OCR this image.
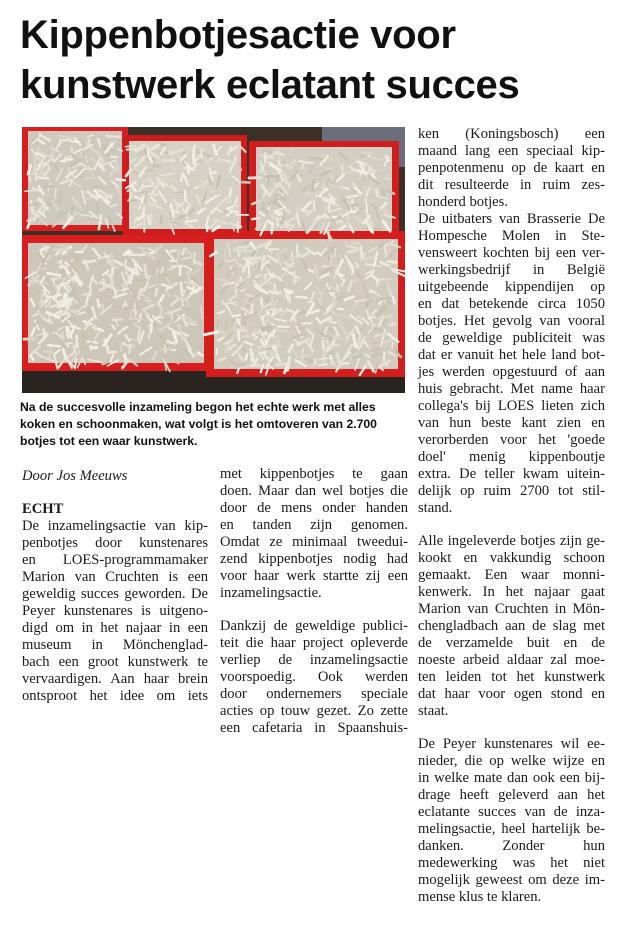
Kippenbotjesactie voor
kunstwerk eclatant succes

Na de succesvolle inzameling begon het echte werk met alles
koken en schoonmaken, wat volgt is het omtoveren van 2.700
botjes tot een waar kunstwerk.

Door Jos Meeuws
ECHT
De inzamelingsactie van kip-
penbotjes door kunstenares
en LOES-programmamaker
Marion van Cruchten is een
geweldig succes geworden. De
Peyer kunstenares is uitgeno-
digd om in het najaar in een
museum in Mönchenglad-
bach een groot kunstwerk te
vervaardigen. Aan haar brein
ontsproot het idee om iets
met kippenbotjes te gaan
doen. Maar dan wel botjes die
door de mens onder handen
en tanden zijn genomen.
Omdat ze minimaal tweedui-
zend kippenbotjes nodig had
voor haar werk startte zij een
inzamelingsactie.
Dankzij de geweldige publici-
teit die haar project opleverde
verliep de inzamelingsactie
voorspoedig. Ook werden
door ondernemers speciale
acties op touw gezet. Zo zette
een cafetaria in Spaanshuis-
ken (Koningsbosch) een
maand lang een speciaal kip-
penpotenmenu op de kaart en
dit resulteerde in ruim zes-
honderd botjes.
De uitbaters van Brasserie De
Hompesche Molen in Ste-
vensweert kochten bij een ver-
werkingsbedrijf in België
uitgebeende kippendijen op
en dat betekende circa 1050
botjes. Het gevolg van vooral
de geweldige publiciteit was
dat er vanuit het hele land bot-
jes werden opgestuurd of aan
huis gebracht. Met name haar
collega's bij LOES lieten zich
van hun beste kant zien en
verorberden voor het 'goede
doel' menig kippenboutje
extra. De teller kwam uitein-
delijk op ruim 2700 tot stil-
stand.
Alle ingeleverde botjes zijn ge-
kookt en vakkundig schoon
gemaakt. Een waar monni-
kenwerk. In het najaar gaat
Marion van Cruchten in Mön-
chengladbach aan de slag met
de verzamelde buit en de
noeste arbeid aldaar zal moe-
ten leiden tot het kunstwerk
dat haar voor ogen stond en
staat.
De Peyer kunstenares wil ee-
nieder, die op welke wijze en
in welke mate dan ook een bij-
drage heeft geleverd aan het
eclatante succes van de inza-
melingsactie, heel hartelijk be-
danken. Zonder hun
medewerking was het niet
mogelijk geweest om deze im-
mense klus te klaren.
